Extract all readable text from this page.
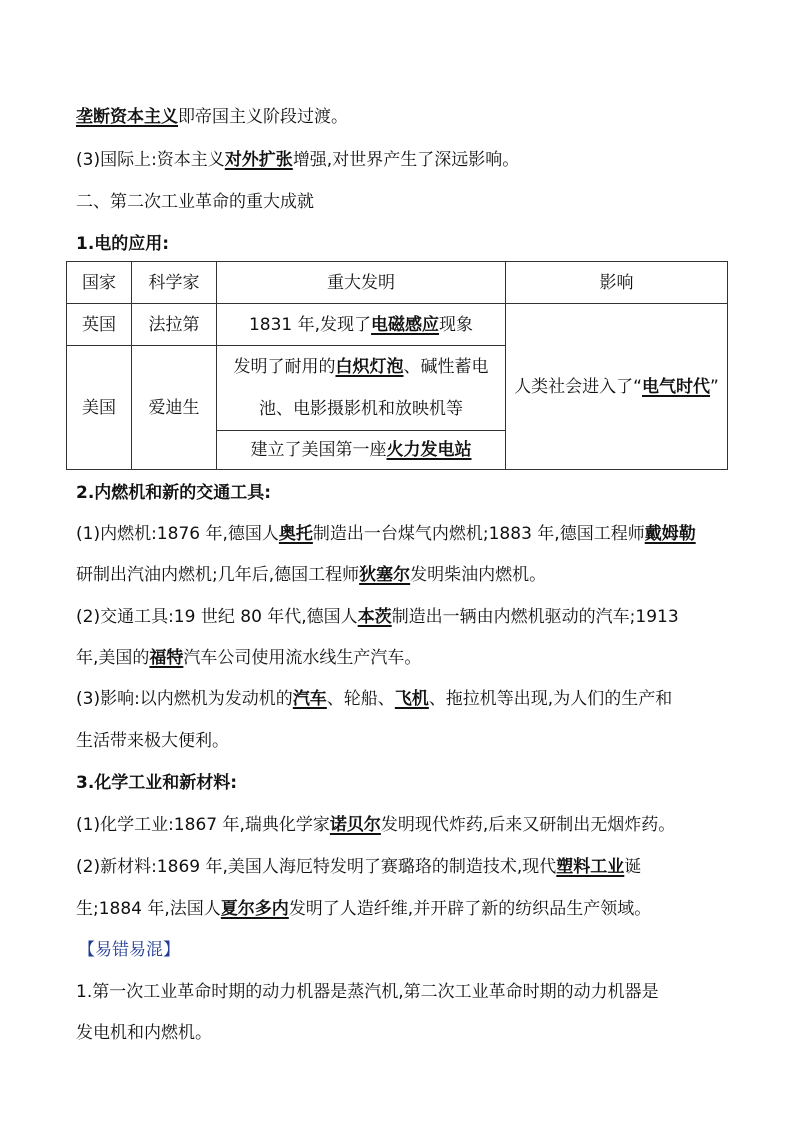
垄断资本主义即帝国主义阶段过渡。
(3)国际上:资本主义对外扩张增强,对世界产生了深远影响。
二、第二次工业革命的重大成就
1.电的应用:
国家	科学家	重大发明	影响
英国	法拉第	1831 年,发现了电磁感应现象	人类社会进入了“电气时代”
美国	爱迪生	发明了耐用的白炽灯泡、碱性蓄电
池、电影摄影机和放映机等	

		建立了美国第一座火力发电站	
2.内燃机和新的交通工具:
(1)内燃机:1876 年,德国人奥托制造出一台煤气内燃机;1883 年,德国工程师戴姆勒
研制出汽油内燃机;几年后,德国工程师狄塞尔发明柴油内燃机。
(2)交通工具:19 世纪 80 年代,德国人本茨制造出一辆由内燃机驱动的汽车;1913
年,美国的福特汽车公司使用流水线生产汽车。
(3)影响:以内燃机为发动机的汽车、轮船、飞机、拖拉机等出现,为人们的生产和
生活带来极大便利。
3.化学工业和新材料:
(1)化学工业:1867 年,瑞典化学家诺贝尔发明现代炸药,后来又研制出无烟炸药。
(2)新材料:1869 年,美国人海厄特发明了赛璐珞的制造技术,现代塑料工业诞
生;1884 年,法国人夏尔多内发明了人造纤维,并开辟了新的纺织品生产领域。
【易错易混】
1.第一次工业革命时期的动力机器是蒸汽机,第二次工业革命时期的动力机器是
发电机和内燃机。
